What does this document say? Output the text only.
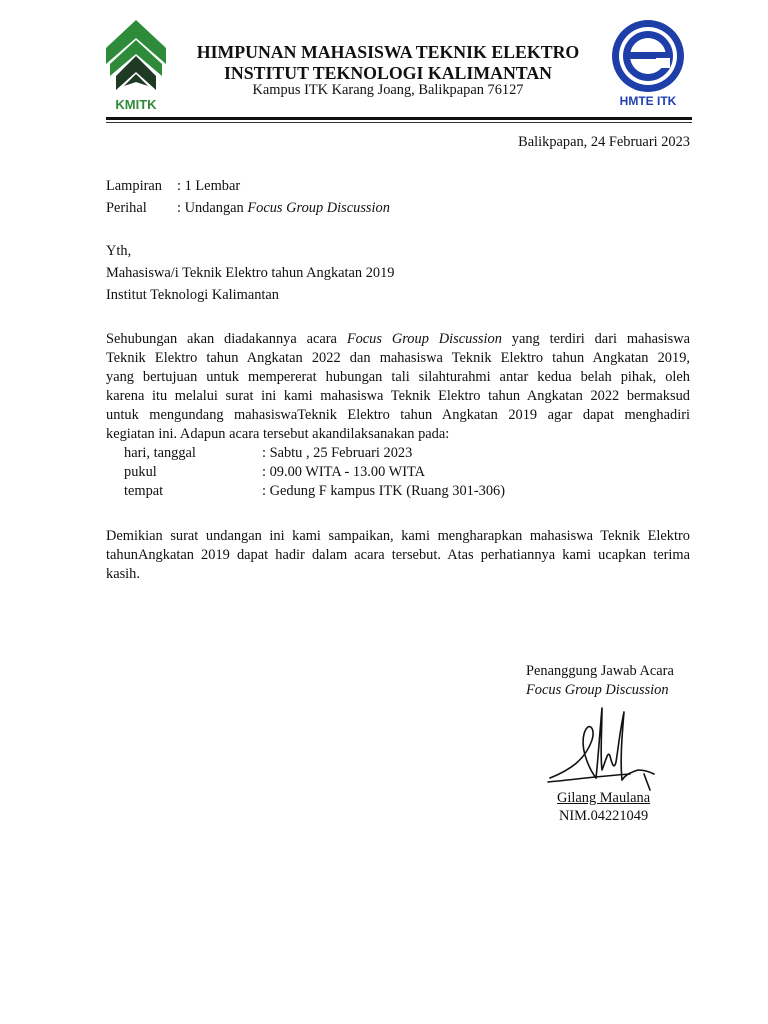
KMITK
HIMPUNAN MAHASISWA TEKNIK ELEKTRO
INSTITUT TEKNOLOGI KALIMANTAN
Kampus ITK Karang Joang, Balikpapan 76127
HMTE ITK
Balikpapan, 24 Februari 2023
Lampiran : 1 Lembar
Perihal : Undangan Focus Group Discussion
Yth,
Mahasiswa/i Teknik Elektro tahun Angkatan 2019
Institut Teknologi Kalimantan
Sehubungan akan diadakannya acara Focus Group Discussion yang terdiri dari mahasiswa
Teknik Elektro tahun Angkatan 2022 dan mahasiswa Teknik Elektro tahun Angkatan 2019,
yang bertujuan untuk mempererat hubungan tali silahturahmi antar kedua belah pihak, oleh
karena itu melalui surat ini kami mahasiswa Teknik Elektro tahun Angkatan 2022 bermaksud
untuk mengundang mahasiswaTeknik Elektro tahun Angkatan 2019 agar dapat menghadiri
kegiatan ini. Adapun acara tersebut akandilaksanakan pada:
hari, tanggal	: Sabtu , 25 Februari 2023
pukul	: 09.00 WITA - 13.00 WITA
tempat	: Gedung F kampus ITK (Ruang 301-306)
Demikian surat undangan ini kami sampaikan, kami mengharapkan mahasiswa Teknik Elektro
tahunAngkatan 2019 dapat hadir dalam acara tersebut. Atas perhatiannya kami ucapkan terima
kasih.
Penanggung Jawab Acara
Focus Group Discussion
Gilang Maulana
NIM.04221049
